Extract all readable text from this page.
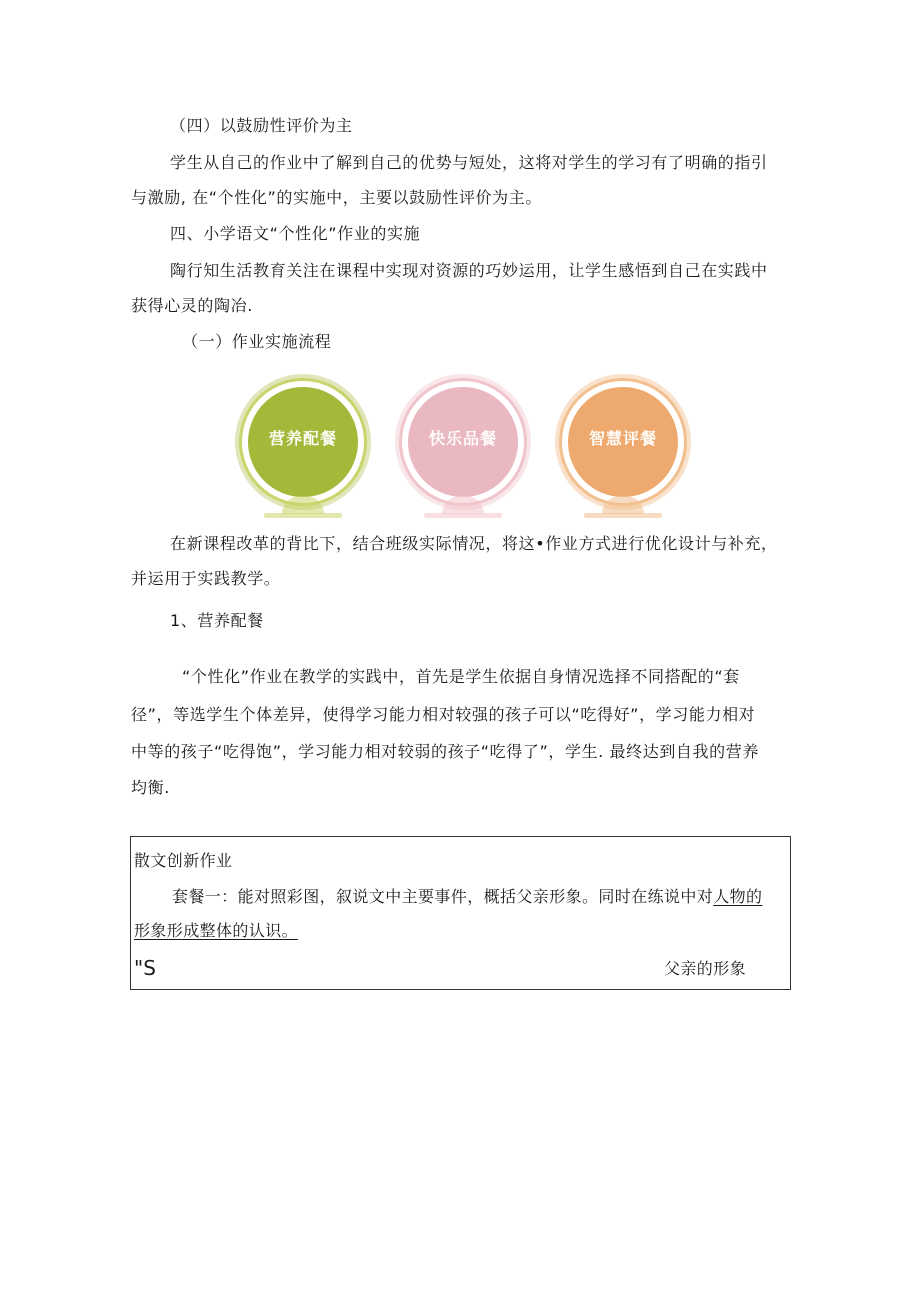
（四）以鼓励性评价为主
学生从自己的作业中了解到自己的优势与短处，这将对学生的学习有了明确的指引
与激励, 在“个性化”的实施中，主要以鼓励性评价为主。
四、小学语文“个性化”作业的实施
陶行知生活教育关注在课程中实现对资源的巧妙运用，让学生感悟到自己在实践中
获得心灵的陶冶.
（一）作业实施流程
营养配餐	快乐品餐	智慧评餐
在新课程改革的背比下，结合班级实际情况，将这•作业方式进行优化设计与补充，
并运用于实践教学。
1、营养配餐
“个性化”作业在教学的实践中，首先是学生依据自身情况选择不同搭配的“套
径”，等选学生个体差异，使得学习能力相对较强的孩子可以“吃得好”，学习能力相对
中等的孩子“吃得饱”，学习能力相对较弱的孩子“吃得了”，学生. 最终达到自我的营养
均衡.
散文创新作业
套餐一：能对照彩图，叙说文中主要事件，概括父亲形象。同时在练说中对人物的
形象形成整体的认识。
"S	父亲的形象
